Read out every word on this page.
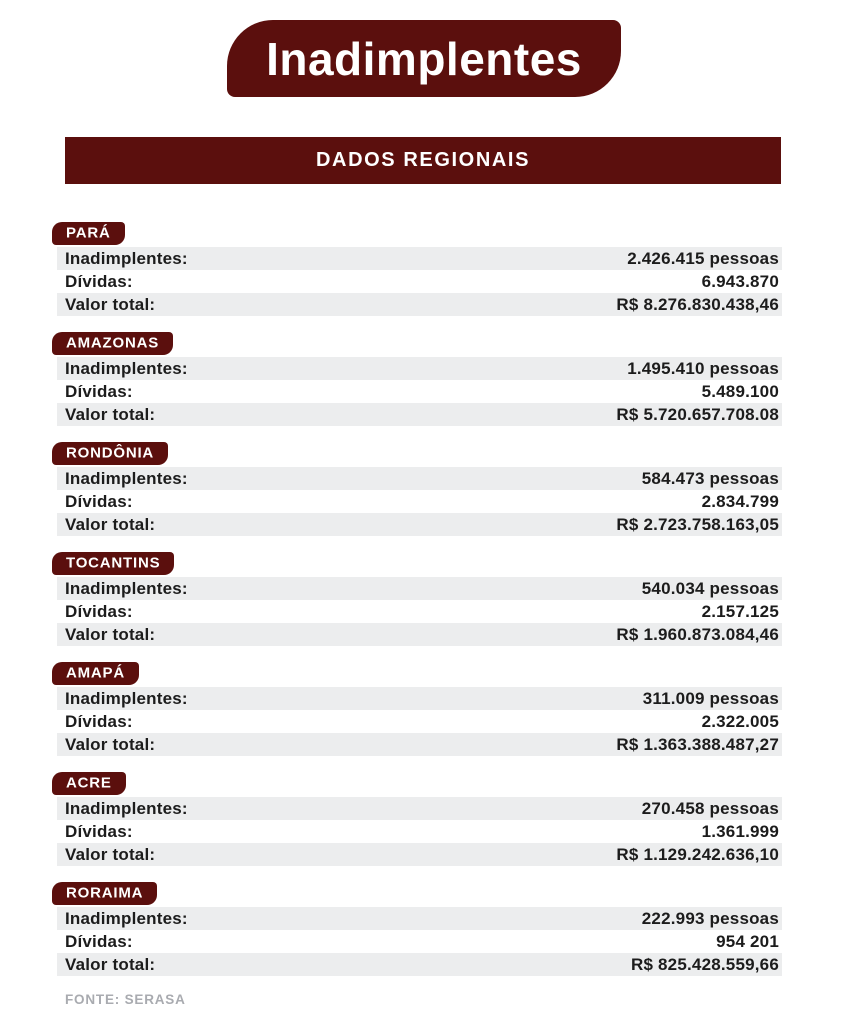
Inadimplentes
DADOS REGIONAIS
PARÁ
Inadimplentes:	2.426.415 pessoas
Dívidas:	6.943.870
Valor total:	R$ 8.276.830.438,46
AMAZONAS
Inadimplentes:	1.495.410 pessoas
Dívidas:	5.489.100
Valor total:	R$ 5.720.657.708.08
RONDÔNIA
Inadimplentes:	584.473 pessoas
Dívidas:	2.834.799
Valor total:	R$ 2.723.758.163,05
TOCANTINS
Inadimplentes:	540.034 pessoas
Dívidas:	2.157.125
Valor total:	R$ 1.960.873.084,46
AMAPÁ
Inadimplentes:	311.009 pessoas
Dívidas:	2.322.005
Valor total:	R$ 1.363.388.487,27
ACRE
Inadimplentes:	270.458 pessoas
Dívidas:	1.361.999
Valor total:	R$ 1.129.242.636,10
RORAIMA
Inadimplentes:	222.993 pessoas
Dívidas:	954 201
Valor total:	R$ 825.428.559,66
FONTE: SERASA
